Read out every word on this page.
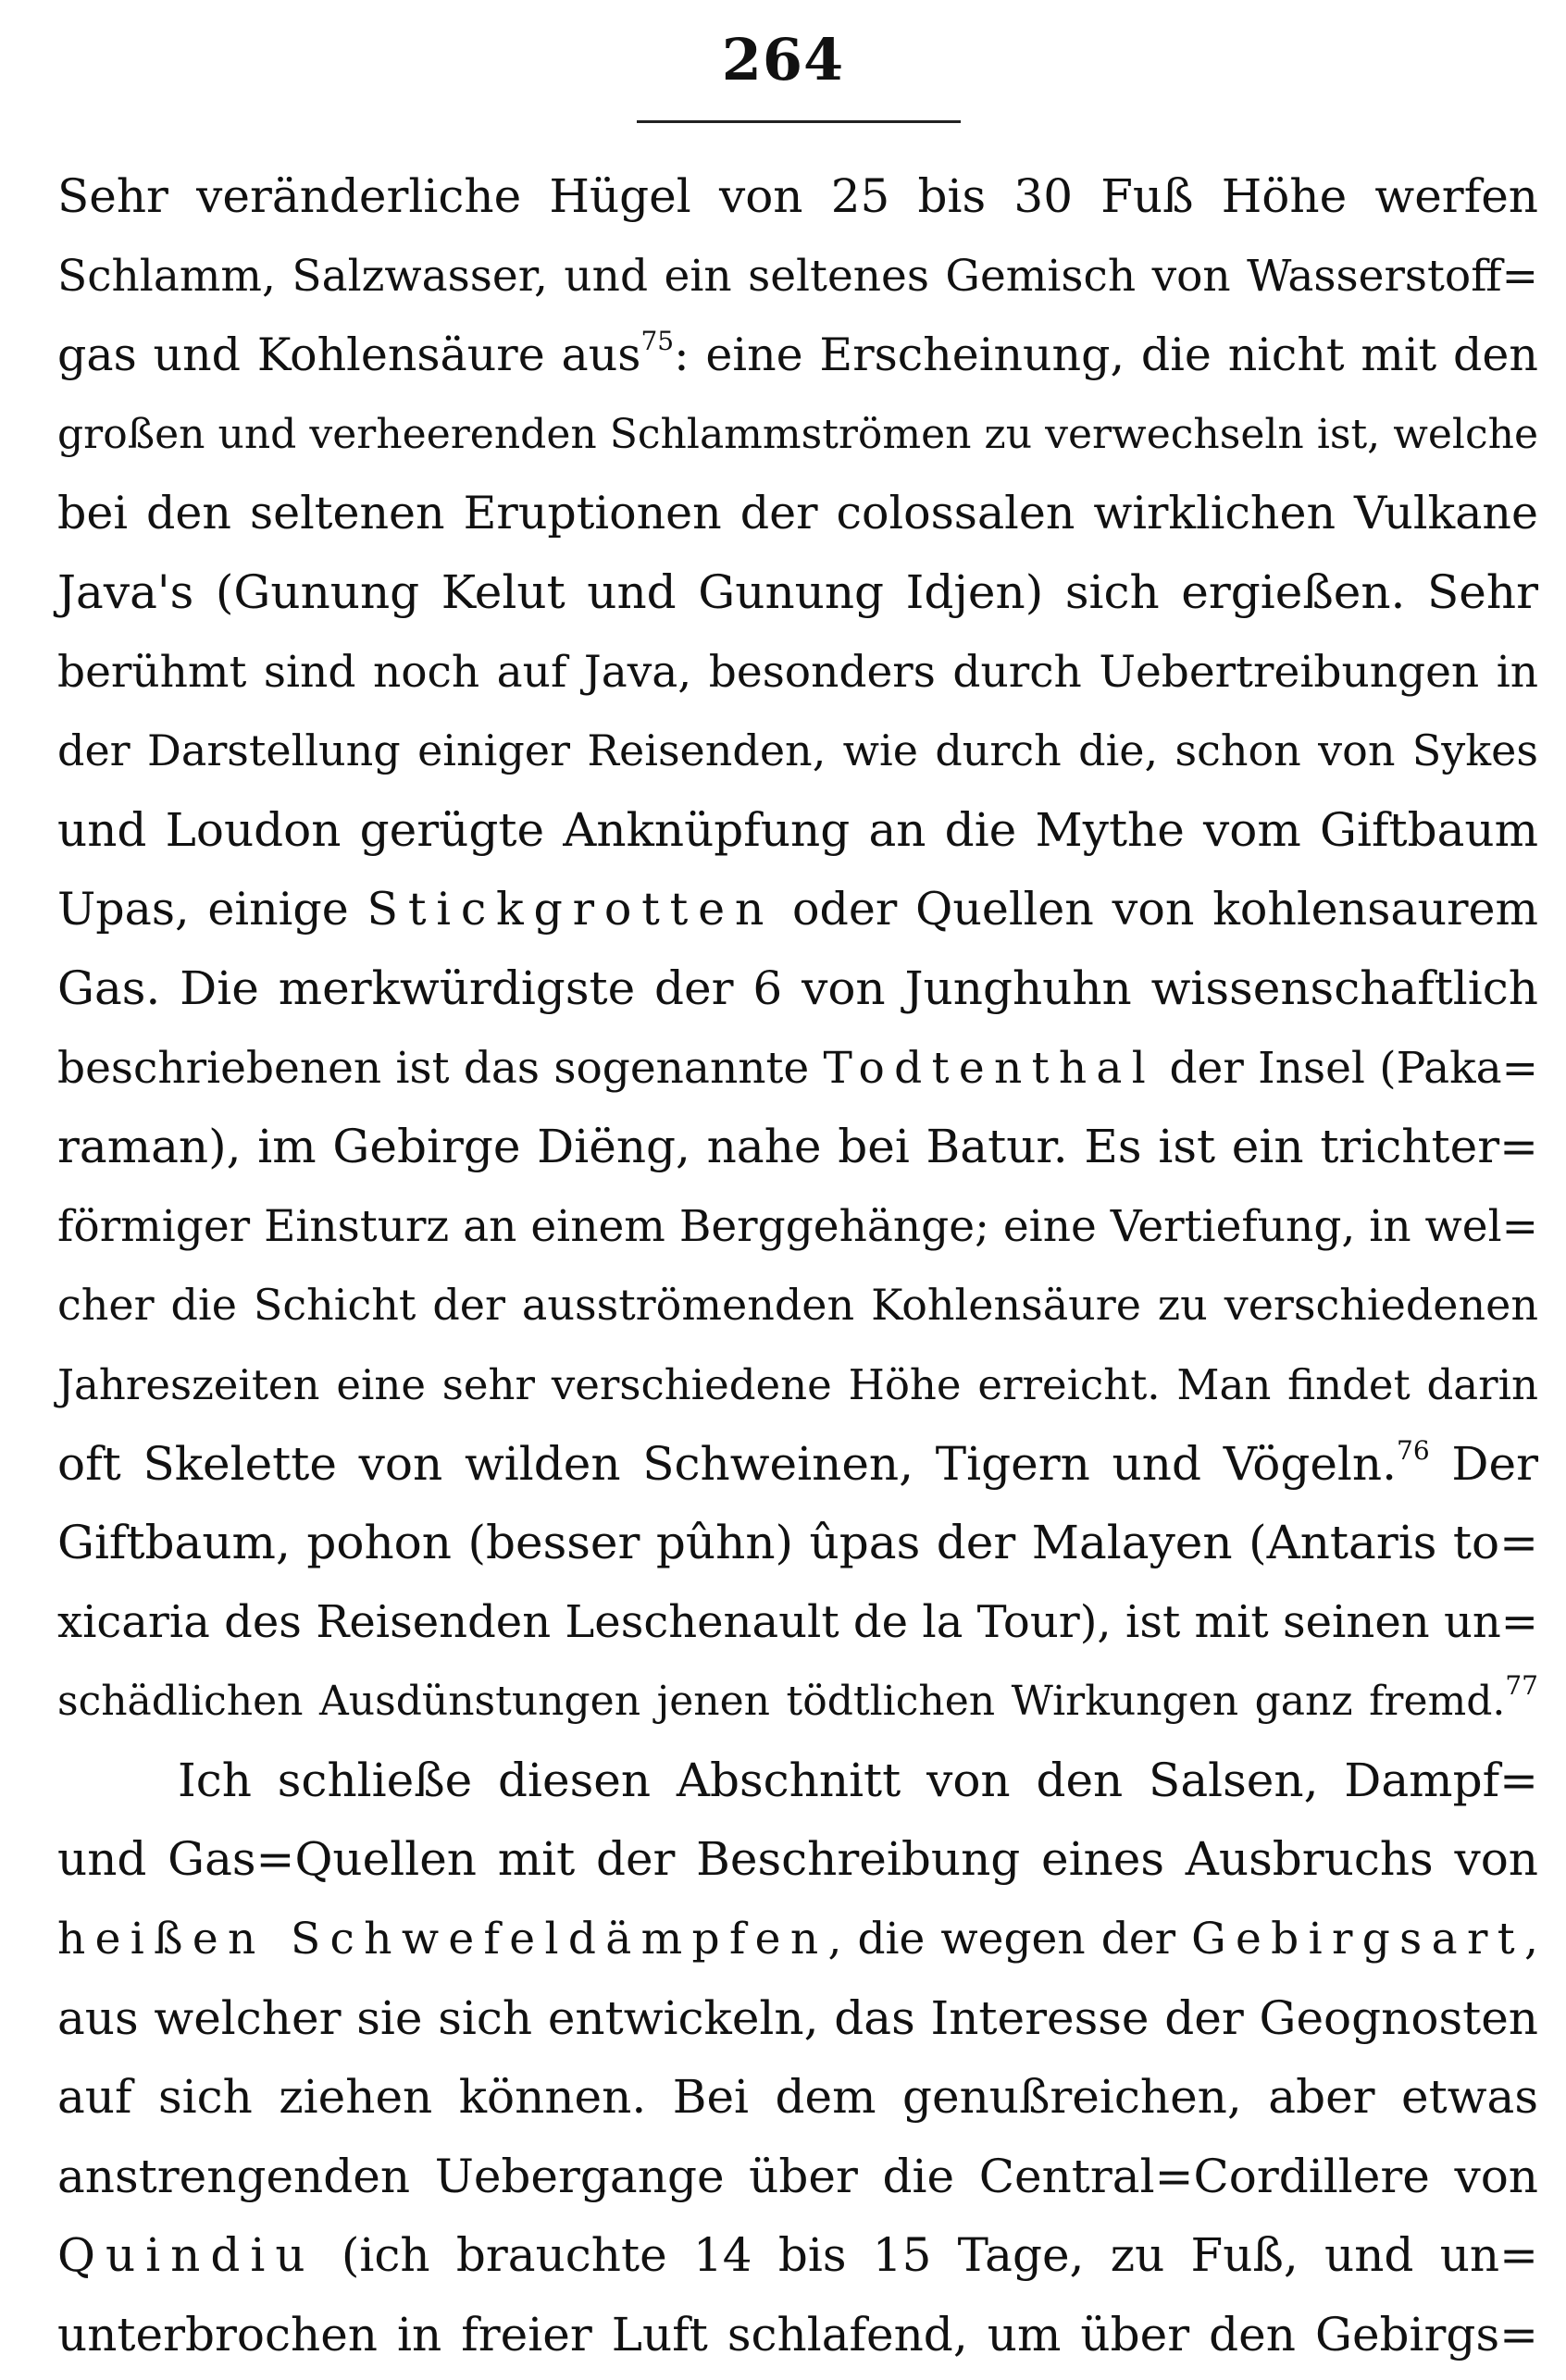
264
Sehr veränderliche Hügel von 25 bis 30 Fuß Höhe werfen
Schlamm, Salzwasser, und ein seltenes Gemisch von Wasserstoff=
gas und Kohlensäure aus$^{75}$: eine Erscheinung, die nicht mit den
großen und verheerenden Schlammströmen zu verwechseln ist, welche
bei den seltenen Eruptionen der colossalen wirklichen Vulkane
Java's (Gunung Kelut und Gunung Idjen) sich ergießen. Sehr
berühmt sind noch auf Java, besonders durch Uebertreibungen in
der Darstellung einiger Reisenden, wie durch die, schon von Sykes
und Loudon gerügte Anknüpfung an die Mythe vom Giftbaum
Upas, einige Stickgrotten oder Quellen von kohlensaurem
Gas. Die merkwürdigste der 6 von Junghuhn wissenschaftlich
beschriebenen ist das sogenannte Todtenthal der Insel (Paka=
raman), im Gebirge Diëng, nahe bei Batur. Es ist ein trichter=
förmiger Einsturz an einem Berggehänge; eine Vertiefung, in wel=
cher die Schicht der ausströmenden Kohlensäure zu verschiedenen
Jahreszeiten eine sehr verschiedene Höhe erreicht. Man findet darin
oft Skelette von wilden Schweinen, Tigern und Vögeln.$^{76}$ Der
Giftbaum, pohon (besser pûhn) ûpas der Malayen (Antaris to=
xicaria des Reisenden Leschenault de la Tour), ist mit seinen un=
schädlichen Ausdünstungen jenen tödtlichen Wirkungen ganz fremd.$^{77}$
Ich schließe diesen Abschnitt von den Salsen, Dampf=
und Gas=Quellen mit der Beschreibung eines Ausbruchs von
heißen Schwefeldämpfen, die wegen der Gebirgsart,
aus welcher sie sich entwickeln, das Interesse der Geognosten
auf sich ziehen können. Bei dem genußreichen, aber etwas
anstrengenden Uebergange über die Central=Cordillere von
Quindiu (ich brauchte 14 bis 15 Tage, zu Fuß, und un=
unterbrochen in freier Luft schlafend, um über den Gebirgs=
